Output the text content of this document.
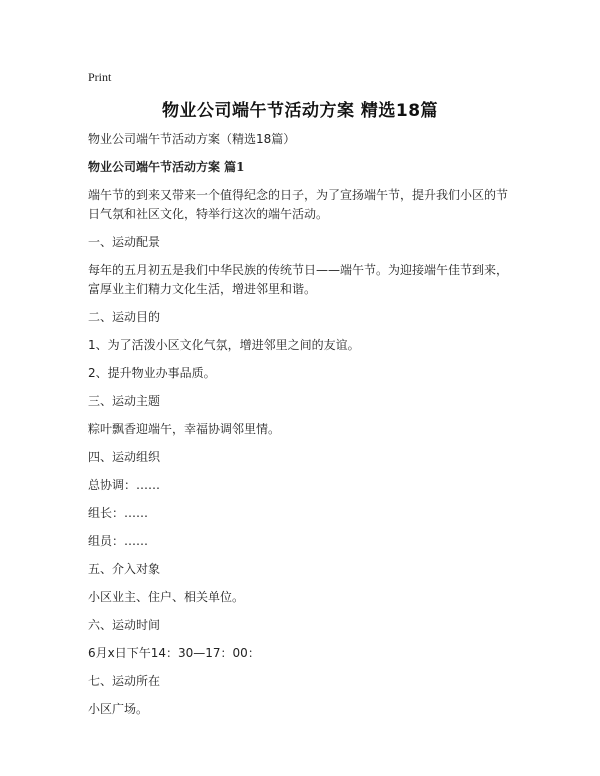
Print
物业公司端午节活动方案 精选18篇

物业公司端午节活动方案（精选18篇）

物业公司端午节活动方案 篇1

端午节的到来又带来一个值得纪念的日子，为了宣扬端午节，提升我们小区的节日气氛和社区文化，特举行这次的端午活动。

一、运动配景

每年的五月初五是我们中华民族的传统节日——端午节。为迎接端午佳节到来，富厚业主们精力文化生活，增进邻里和谐。

二、运动目的

1、为了活泼小区文化气氛，增进邻里之间的友谊。

2、提升物业办事品质。

三、运动主题

粽叶飘香迎端午，幸福协调邻里情。

四、运动组织

总协调：……

组长：……

组员：……

五、介入对象

小区业主、住户、相关单位。

六、运动时间

6月x日下午14：30—17：00：

七、运动所在

小区广场。
